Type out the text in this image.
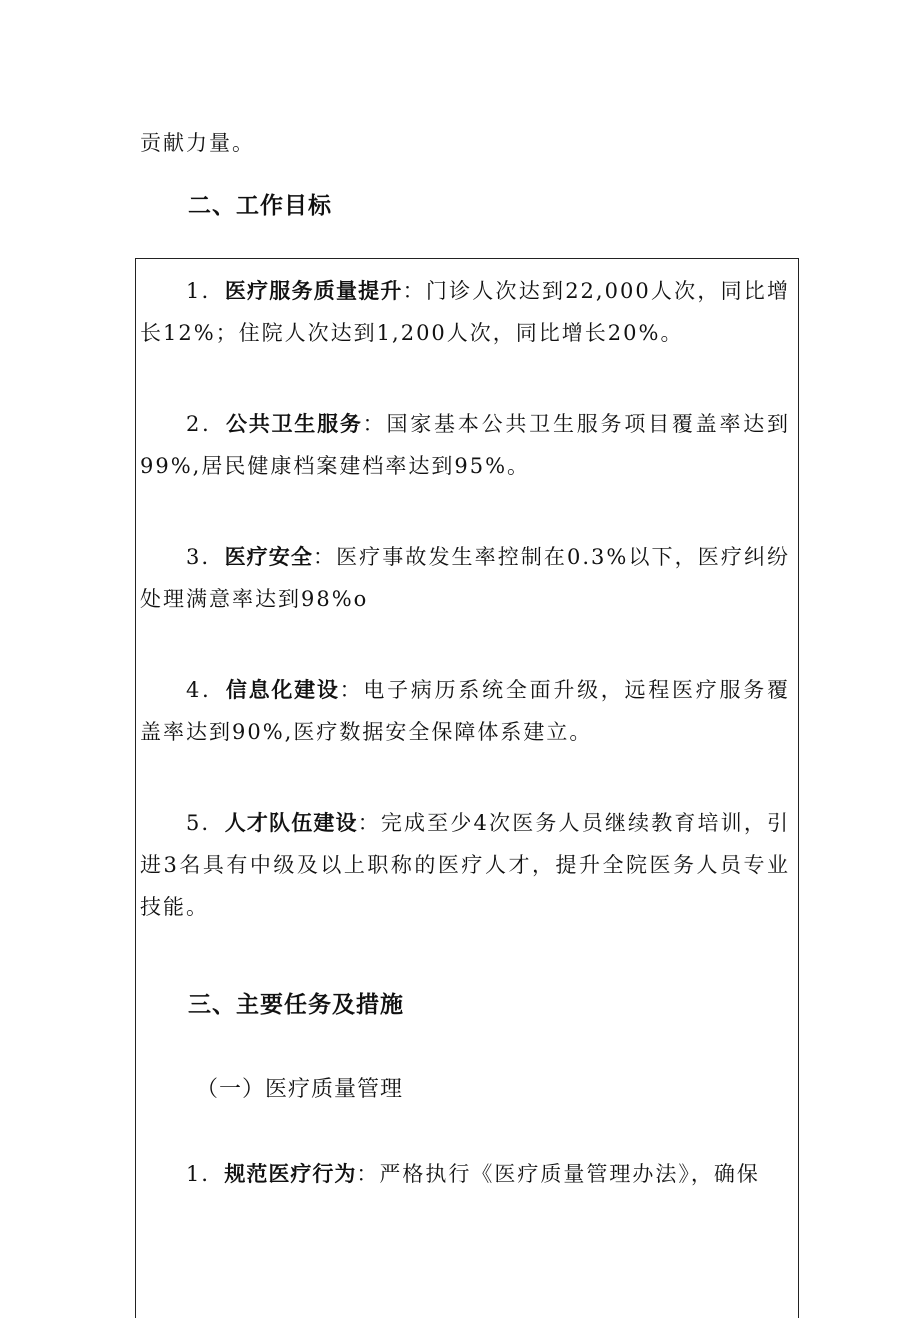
贡献力量。
二、工作目标
1．医疗服务质量提升：门诊人次达到22,000人次，同比增长12%；住院人次达到1,200人次，同比增长20%。
2．公共卫生服务：国家基本公共卫生服务项目覆盖率达到99%,居民健康档案建档率达到95%。
3．医疗安全：医疗事故发生率控制在0.3%以下，医疗纠纷处理满意率达到98%o
4．信息化建设：电子病历系统全面升级，远程医疗服务覆盖率达到90%,医疗数据安全保障体系建立。
5．人才队伍建设：完成至少4次医务人员继续教育培训，引进3名具有中级及以上职称的医疗人才，提升全院医务人员专业技能。
三、主要任务及措施
（一）医疗质量管理
1．规范医疗行为：严格执行《医疗质量管理办法》，确保
